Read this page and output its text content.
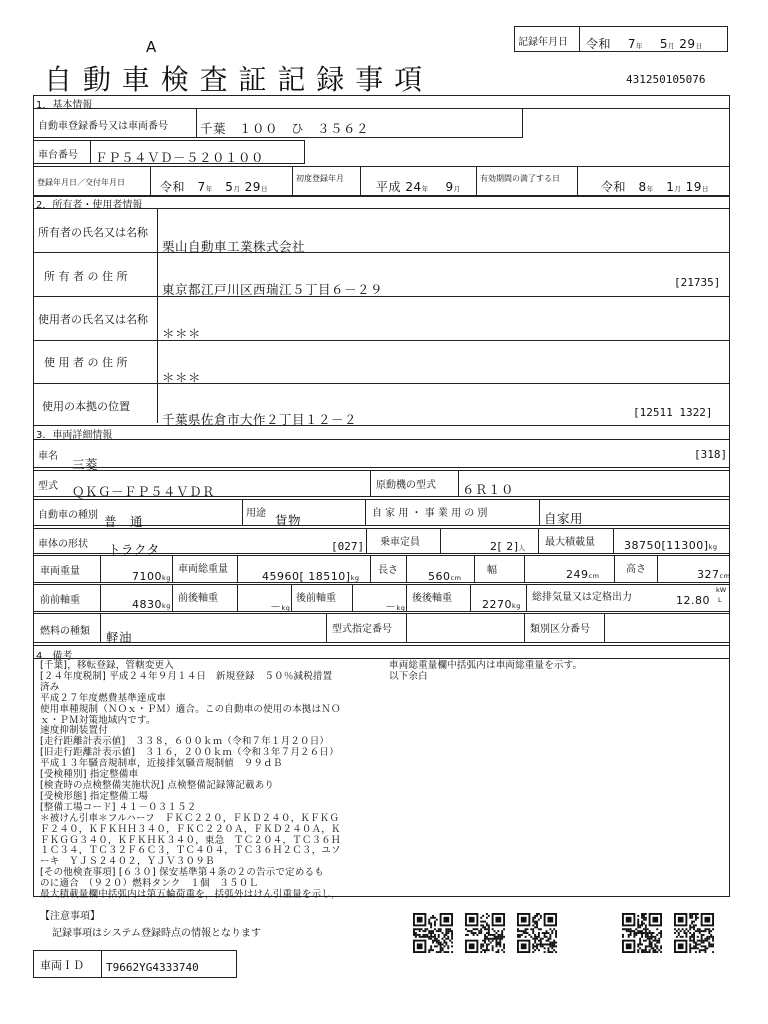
A
自 動 車 検 査 証 記 録 事 項
記録年月日 令和　 7年　 5月 29日
431250105076
1．基本情報
自動車登録番号又は車両番号	千葉　１００　ひ　３５６２
車台番号 ＦＰ５４ＶＤ－５２０１００
登録年月日／交付年月日	令和　 7年　 5月 29日
初度登録年月
平成 24年　 9月
有効期間の満了する日
令和　 8年　 1月 19日
2．所有者・使用者情報
所有者の氏名又は名称
栗山自動車工業株式会社
所 有 者 の 住 所
東京都江戸川区西瑞江５丁目６－２９	[21735]
使用者の氏名又は名称
＊＊＊
使 用 者 の 住 所
＊＊＊
使用の本拠の位置
千葉県佐倉市大作２丁目１２－２	[12511 1322]
3．車両詳細情報
車名
三菱
[318]
型式 ＱＫＧ－ＦＰ５４ＶＤＲ	原動機の型式 ６Ｒ１０
自動車の種別 普　通
用途 貨物	自 家 用 ・ 事 業 用 の 別	自家用
車体の形状 トラクタ	[027] 乗車定員	2[ 2]人 最大積載量	38750[11300]kg
車両重量	7100kg
車両総重量
45960[ 18510]kg
長さ	560cm
幅	249cm
高さ	327cm
前前軸重	4830kg
前後軸重
－kg
後前軸重
－kg
後後軸重	2270kg
総排気量又は定格出力	12.80
kW
L
燃料の種類 軽油
型式指定番号	類別区分番号
4．備考
[千葉]，移転登録，管轄変更入
[２４年度税制] 平成２４年９月１４日　新規登録　５０％減税措置
済み
平成２７年度燃費基準達成車
使用車種規制（ＮＯｘ・ＰＭ）適合。この自動車の使用の本拠はＮＯ
ｘ・ＰＭ対策地域内です。
速度抑制装置付
[走行距離計表示値]　３３８，６００ｋｍ（令和７年１月２０日）
[旧走行距離計表示値]　３１６，２００ｋｍ（令和３年７月２６日）
平成１３年騒音規制車，近接排気騒音規制値　９９ｄＢ
[受検種別] 指定整備車
[検査時の点検整備実施状況] 点検整備記録簿記載あり
[受検形態] 指定整備工場
[整備工場コード] ４１－０３１５２
＊被けん引車＊フルハーフ　ＦＫＣ２２０，ＦＫＤ２４０，ＫＦＫＧ
Ｆ２４０，ＫＦＫＨＨ３４０，ＦＫＣ２２０Ａ，ＦＫＤ２４０Ａ，Ｋ
ＦＫＧＧ３４０，ＫＦＫＨＫ３４０，東急　ＴＣ２０４，ＴＣ３６Ｈ
１Ｃ３４，ＴＣ３２Ｆ６Ｃ３，ＴＣ４０４，ＴＣ３６Ｈ２Ｃ３，ユソ
ーキ　ＹＪＳ２４０２，ＹＪＶ３０９Ｂ
[その他検査事項] [６３０] 保安基準第４条の２の告示で定めるも
のに適合　（９２０）燃料タンク　１個　３５０Ｌ
最大積載量欄中括弧内は第五輪荷重を，括弧外はけん引重量を示し，
車両総重量欄中括弧内は車両総重量を示す。
以下余白
【注意事項】
記録事項はシステム登録時点の情報となります
車両ＩＤ T9662YG4333740
